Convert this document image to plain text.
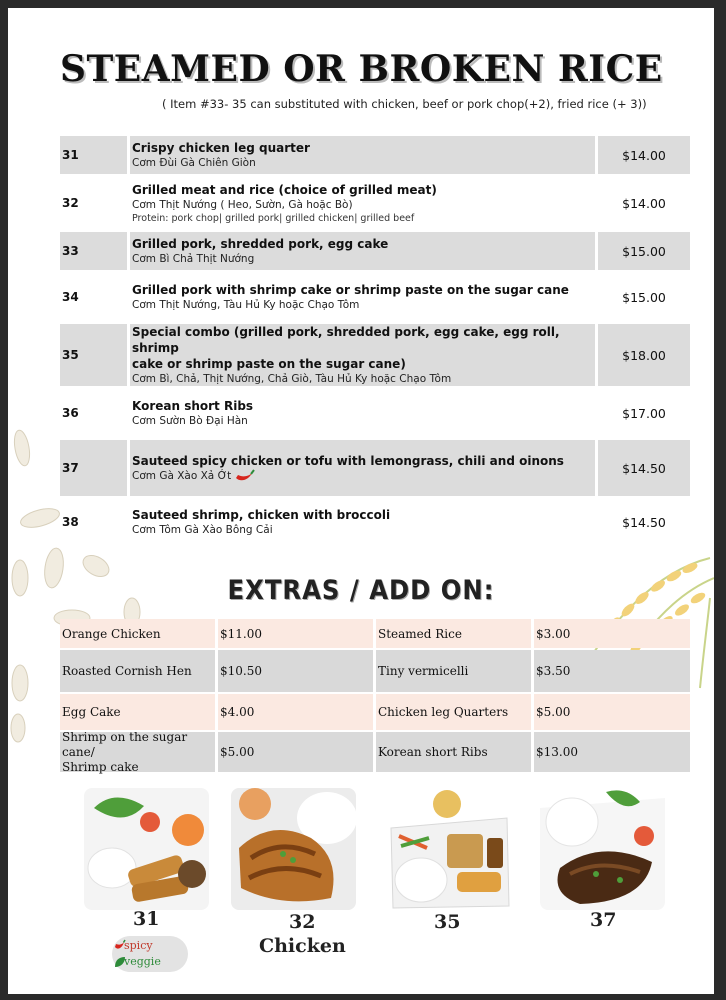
STEAMED OR BROKEN RICE
( Item #33- 35 can substituted with chicken, beef or pork chop(+2), fried rice (+ 3))
31	Crispy chicken leg quarter
Cơm Đùi Gà Chiên Giòn
$14.00
32
Grilled meat and rice (choice of grilled meat)
Cơm Thịt Nướng ( Heo, Sườn, Gà hoặc Bò)
Protein: pork chop| grilled pork| grilled chicken| grilled beef
$14.00
33	Grilled pork, shredded pork, egg cake
Cơm Bì Chả Thịt Nướng
$15.00
34	Grilled pork with shrimp cake or shrimp paste on the sugar cane
Cơm Thịt Nướng, Tàu Hủ Ky hoặc Chạo Tôm
$15.00
35
Special combo (grilled pork, shredded pork, egg cake, egg roll, shrimp
cake or shrimp paste on the sugar cane)
Cơm Bì, Chả, Thịt Nướng, Chả Giò, Tàu Hủ Ky hoặc Chạo Tôm
$18.00
36	Korean short Ribs
Cơm Sườn Bò Đại Hàn
$17.00
37	Sauteed spicy chicken or tofu with lemongrass, chili and oinons
Cơm Gà Xào Xả Ớt
$14.50
38	Sauteed shrimp, chicken with broccoli
Cơm Tôm Gà Xào Bông Cải
$14.50
EXTRAS / ADD ON:
Orange Chicken	$11.00	Steamed Rice	$3.00
Roasted Cornish Hen	$10.50	Tiny vermicelli	$3.50
Egg Cake	$4.00	Chicken leg Quarters	$5.00
Shrimp on the sugar cane/
Shrimp cake
$5.00	Korean short Ribs	$13.00
31	32
Chicken
35	37
spicy
veggie
